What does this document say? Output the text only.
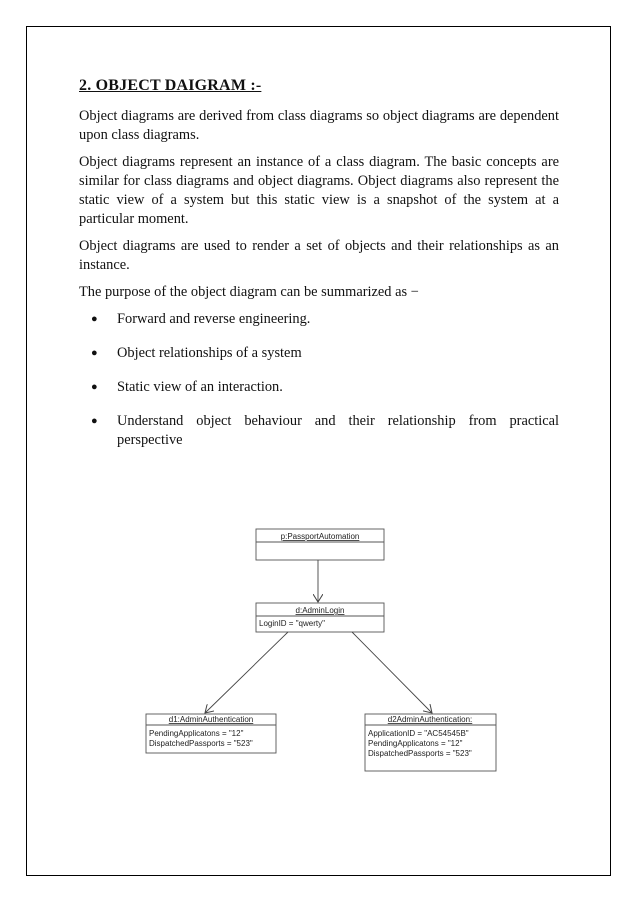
2. OBJECT DAIGRAM :-

Object diagrams are derived from class diagrams so object diagrams are dependent upon class diagrams.

Object diagrams represent an instance of a class diagram. The basic concepts are similar for class diagrams and object diagrams. Object diagrams also represent the static view of a system but this static view is a snapshot of the system at a particular moment.

Object diagrams are used to render a set of objects and their relationships as an instance.

The purpose of the object diagram can be summarized as −

● Forward and reverse engineering.
● Object relationships of a system
● Static view of an interaction.
● Understand object behaviour and their relationship from practical perspective
p:PassportAutomation
d:AdminLogin
LoginID = "qwerty"
d1:AdminAuthentication
PendingApplicatons = "12"
DispatchedPassports = "523"
d2AdminAuthentication:
ApplicationID = "AC54545B"
PendingApplicatons = "12"
DispatchedPassports = "523"
